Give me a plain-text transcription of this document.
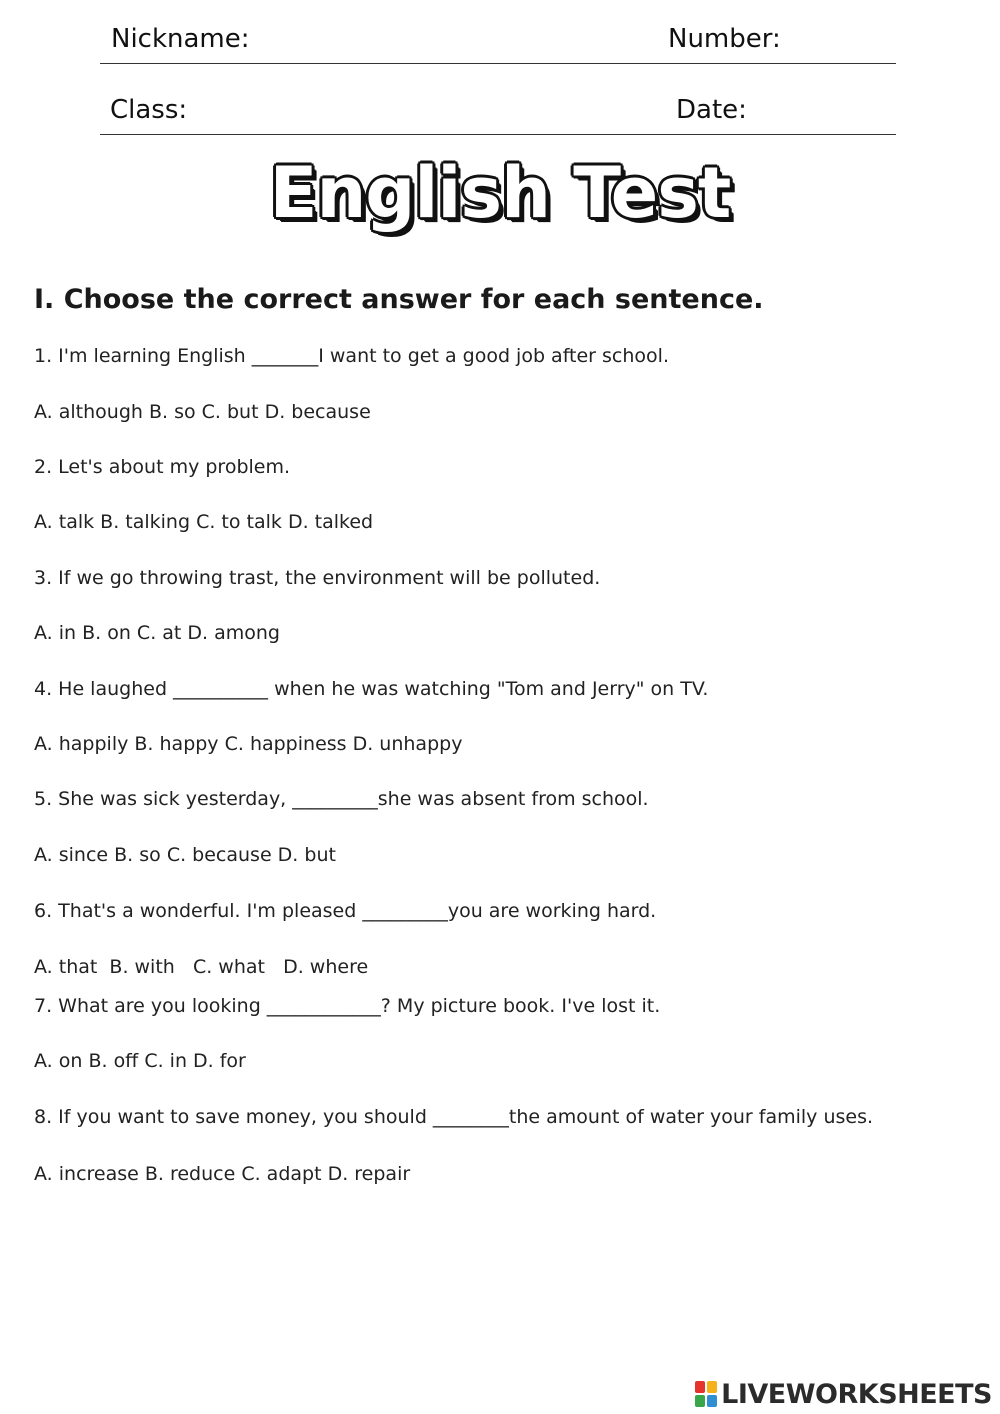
Nickname:	Number:
Class:	Date:
English Test
I. Choose the correct answer for each sentence.
1. I'm learning English _______I want to get a good job after school.
A. although B. so C. but D. because
2. Let's about my problem.
A. talk B. talking C. to talk D. talked
3. If we go throwing trast, the environment will be polluted.
A. in B. on C. at D. among
4. He laughed __________ when he was watching "Tom and Jerry" on TV.
A. happily B. happy C. happiness D. unhappy
5. She was sick yesterday, _________she was absent from school.
A. since B. so C. because D. but
6. That's a wonderful. I'm pleased _________you are working hard.
A. that  B. with   C. what   D. where
7. What are you looking ____________? My picture book. I've lost it.
A. on B. off C. in D. for
8. If you want to save money, you should ________the amount of water your family uses.
A. increase B. reduce C. adapt D. repair
LIVEWORKSHEETS
